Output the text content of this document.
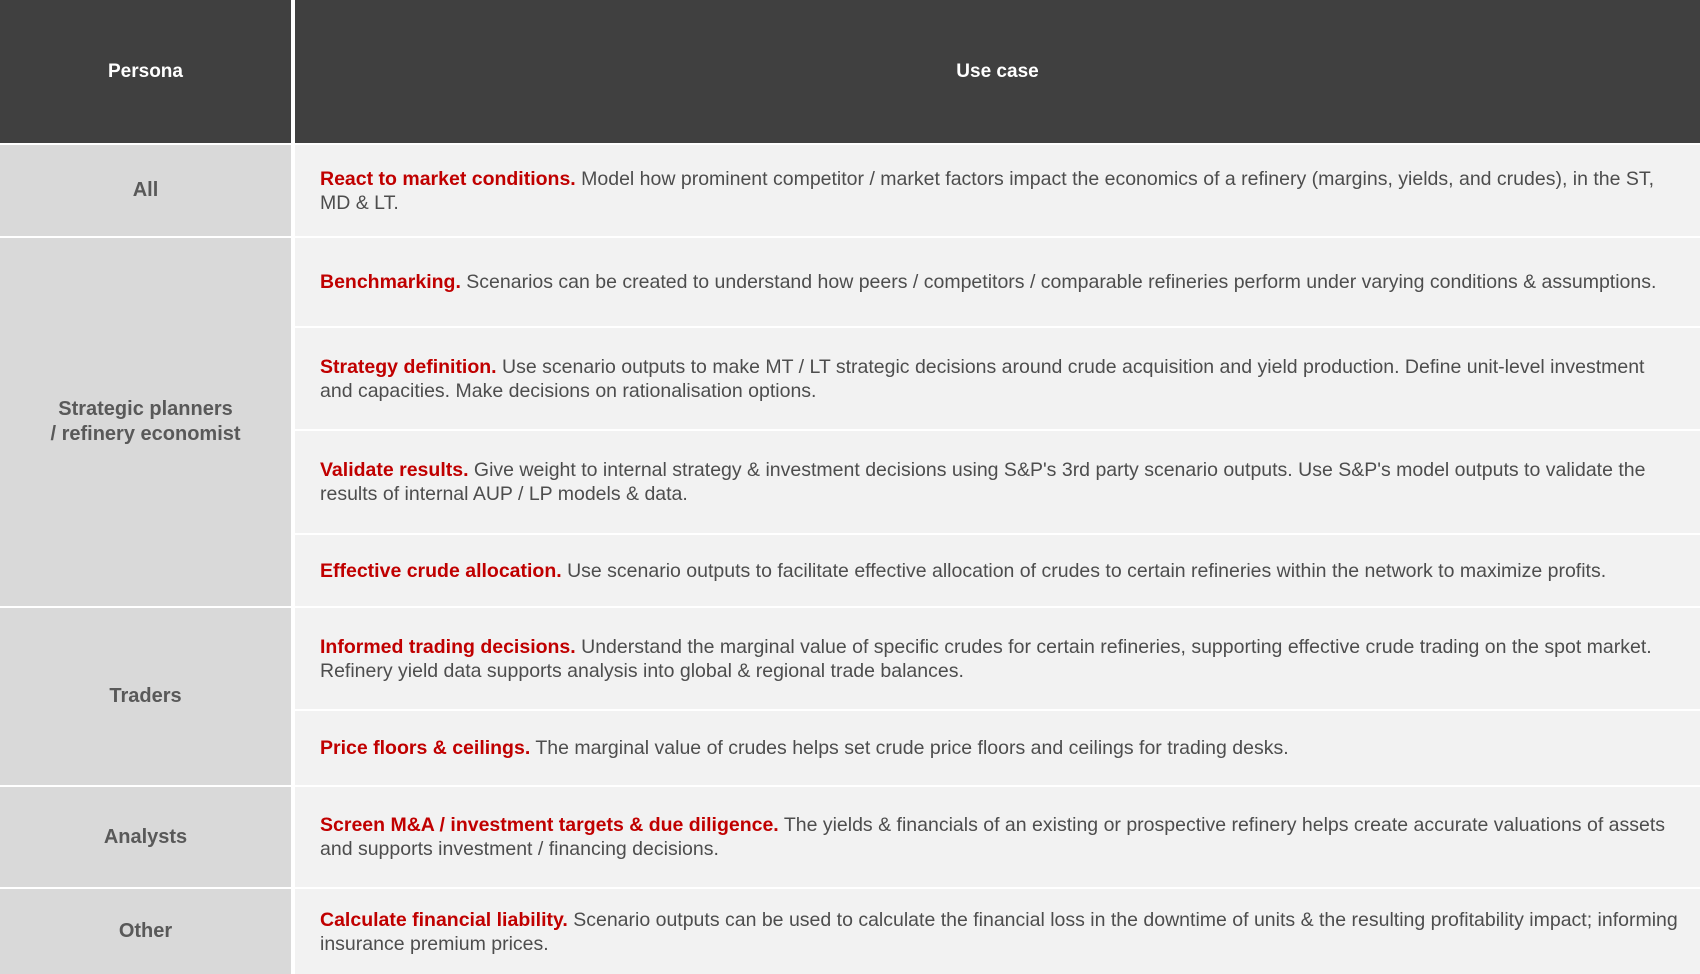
Persona	Use case
All
Strategic planners
/ refinery economist
Traders
Analysts
Other
React to market conditions. Model how prominent competitor / market factors impact the economics of a refinery (margins, yields, and crudes), in the ST, MD & LT.
Benchmarking. Scenarios can be created to understand how peers / competitors / comparable refineries perform under varying conditions & assumptions.
Strategy definition. Use scenario outputs to make MT / LT strategic decisions around crude acquisition and yield production. Define unit-level investment and capacities. Make decisions on rationalisation options.
Validate results. Give weight to internal strategy & investment decisions using S&P's 3rd party scenario outputs. Use S&P's model outputs to validate the results of internal AUP / LP models & data.
Effective crude allocation. Use scenario outputs to facilitate effective allocation of crudes to certain refineries within the network to maximize profits.
Informed trading decisions. Understand the marginal value of specific crudes for certain refineries, supporting effective crude trading on the spot market. Refinery yield data supports analysis into global & regional trade balances.
Price floors & ceilings. The marginal value of crudes helps set crude price floors and ceilings for trading desks.
Screen M&A / investment targets & due diligence. The yields & financials of an existing or prospective refinery helps create accurate valuations of assets and supports investment / financing decisions.
Calculate financial liability. Scenario outputs can be used to calculate the financial loss in the downtime of units & the resulting profitability impact; informing insurance premium prices.
